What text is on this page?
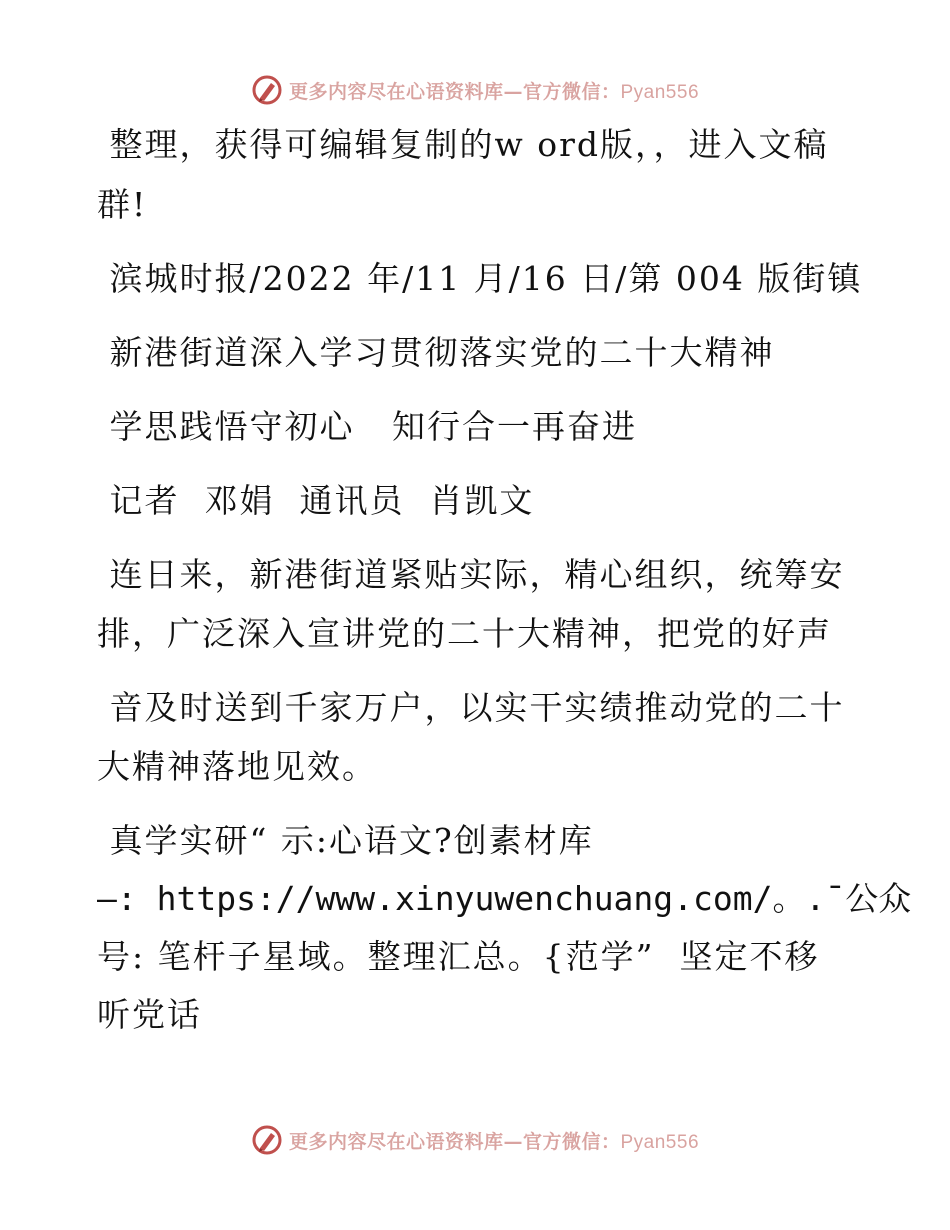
更多内容尽在心语资料库—官方微信：Pyan556
整理，获得可编辑复制的w ord版，，进入文稿
群!
滨城时报/2022 年/11 月/16 日/第 004 版街镇
新港街道深入学习贯彻落实党的二十大精神
学思践悟守初心   知行合一再奋进
记者  邓娟  通讯员  肖凯文
连日来，新港街道紧贴实际，精心组织，统筹安
排，广泛深入宣讲党的二十大精神，把党的好声
音及时送到千家万户，以实干实绩推动党的二十
大精神落地见效。
真学实研“ 示:心语文?创素材库
—: https://www.xinyuwenchuang.com/。.¯公众
号: 笔杆子星域。整理汇总。{范学”  坚定不移
听党话
更多内容尽在心语资料库—官方微信：Pyan556
